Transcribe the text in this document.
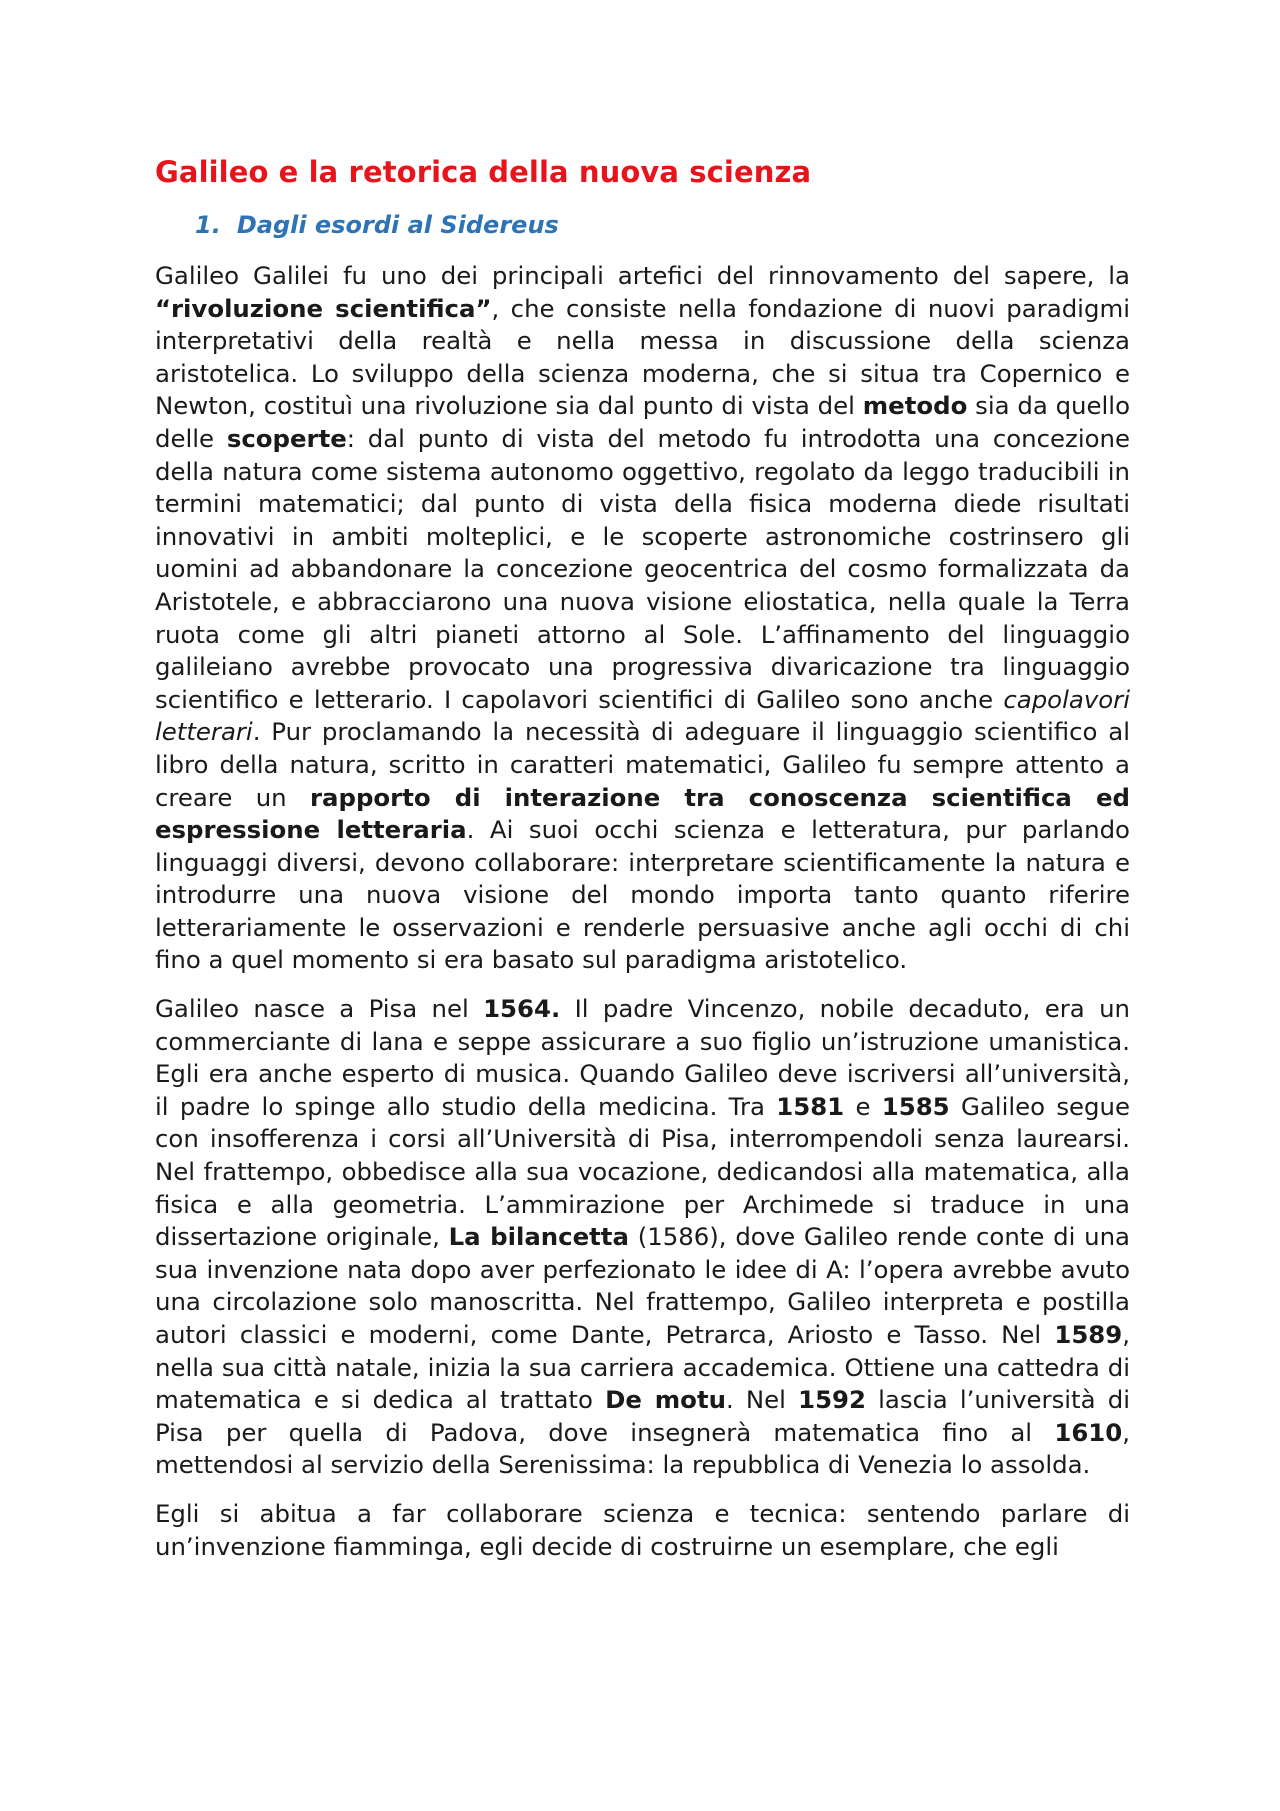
Galileo e la retorica della nuova scienza
1. Dagli esordi al Sidereus

Galileo Galilei fu uno dei principali artefici del rinnovamento del sapere, la “rivoluzione scientifica”, che consiste nella fondazione di nuovi paradigmi interpretativi della realtà e nella messa in discussione della scienza aristotelica. Lo sviluppo della scienza moderna, che si situa tra Copernico e Newton, costituì una rivoluzione sia dal punto di vista del metodo sia da quello delle scoperte: dal punto di vista del metodo fu introdotta una concezione della natura come sistema autonomo oggettivo, regolato da leggo traducibili in termini matematici; dal punto di vista della fisica moderna diede risultati innovativi in ambiti molteplici, e le scoperte astronomiche costrinsero gli uomini ad abbandonare la concezione geocentrica del cosmo formalizzata da Aristotele, e abbracciarono una nuova visione eliostatica, nella quale la Terra ruota come gli altri pianeti attorno al Sole. L’affinamento del linguaggio galileiano avrebbe provocato una progressiva divaricazione tra linguaggio scientifico e letterario. I capolavori scientifici di Galileo sono anche capolavori letterari. Pur proclamando la necessità di adeguare il linguaggio scientifico al libro della natura, scritto in caratteri matematici, Galileo fu sempre attento a creare un rapporto di interazione tra conoscenza scientifica ed espressione letteraria. Ai suoi occhi scienza e letteratura, pur parlando linguaggi diversi, devono collaborare: interpretare scientificamente la natura e introdurre una nuova visione del mondo importa tanto quanto riferire letterariamente le osservazioni e renderle persuasive anche agli occhi di chi fino a quel momento si era basato sul paradigma aristotelico.

Galileo nasce a Pisa nel 1564. Il padre Vincenzo, nobile decaduto, era un commerciante di lana e seppe assicurare a suo figlio un’istruzione umanistica. Egli era anche esperto di musica. Quando Galileo deve iscriversi all’università, il padre lo spinge allo studio della medicina. Tra 1581 e 1585 Galileo segue con insofferenza i corsi all’Università di Pisa, interrompendoli senza laurearsi. Nel frattempo, obbedisce alla sua vocazione, dedicandosi alla matematica, alla fisica e alla geometria. L’ammirazione per Archimede si traduce in una dissertazione originale, La bilancetta (1586), dove Galileo rende conte di una sua invenzione nata dopo aver perfezionato le idee di A: l’opera avrebbe avuto una circolazione solo manoscritta. Nel frattempo, Galileo interpreta e postilla autori classici e moderni, come Dante, Petrarca, Ariosto e Tasso. Nel 1589, nella sua città natale, inizia la sua carriera accademica. Ottiene una cattedra di matematica e si dedica al trattato De motu. Nel 1592 lascia l’università di Pisa per quella di Padova, dove insegnerà matematica fino al 1610, mettendosi al servizio della Serenissima: la repubblica di Venezia lo assolda.

Egli si abitua a far collaborare scienza e tecnica: sentendo parlare di un’invenzione fiamminga, egli decide di costruirne un esemplare, che egli
